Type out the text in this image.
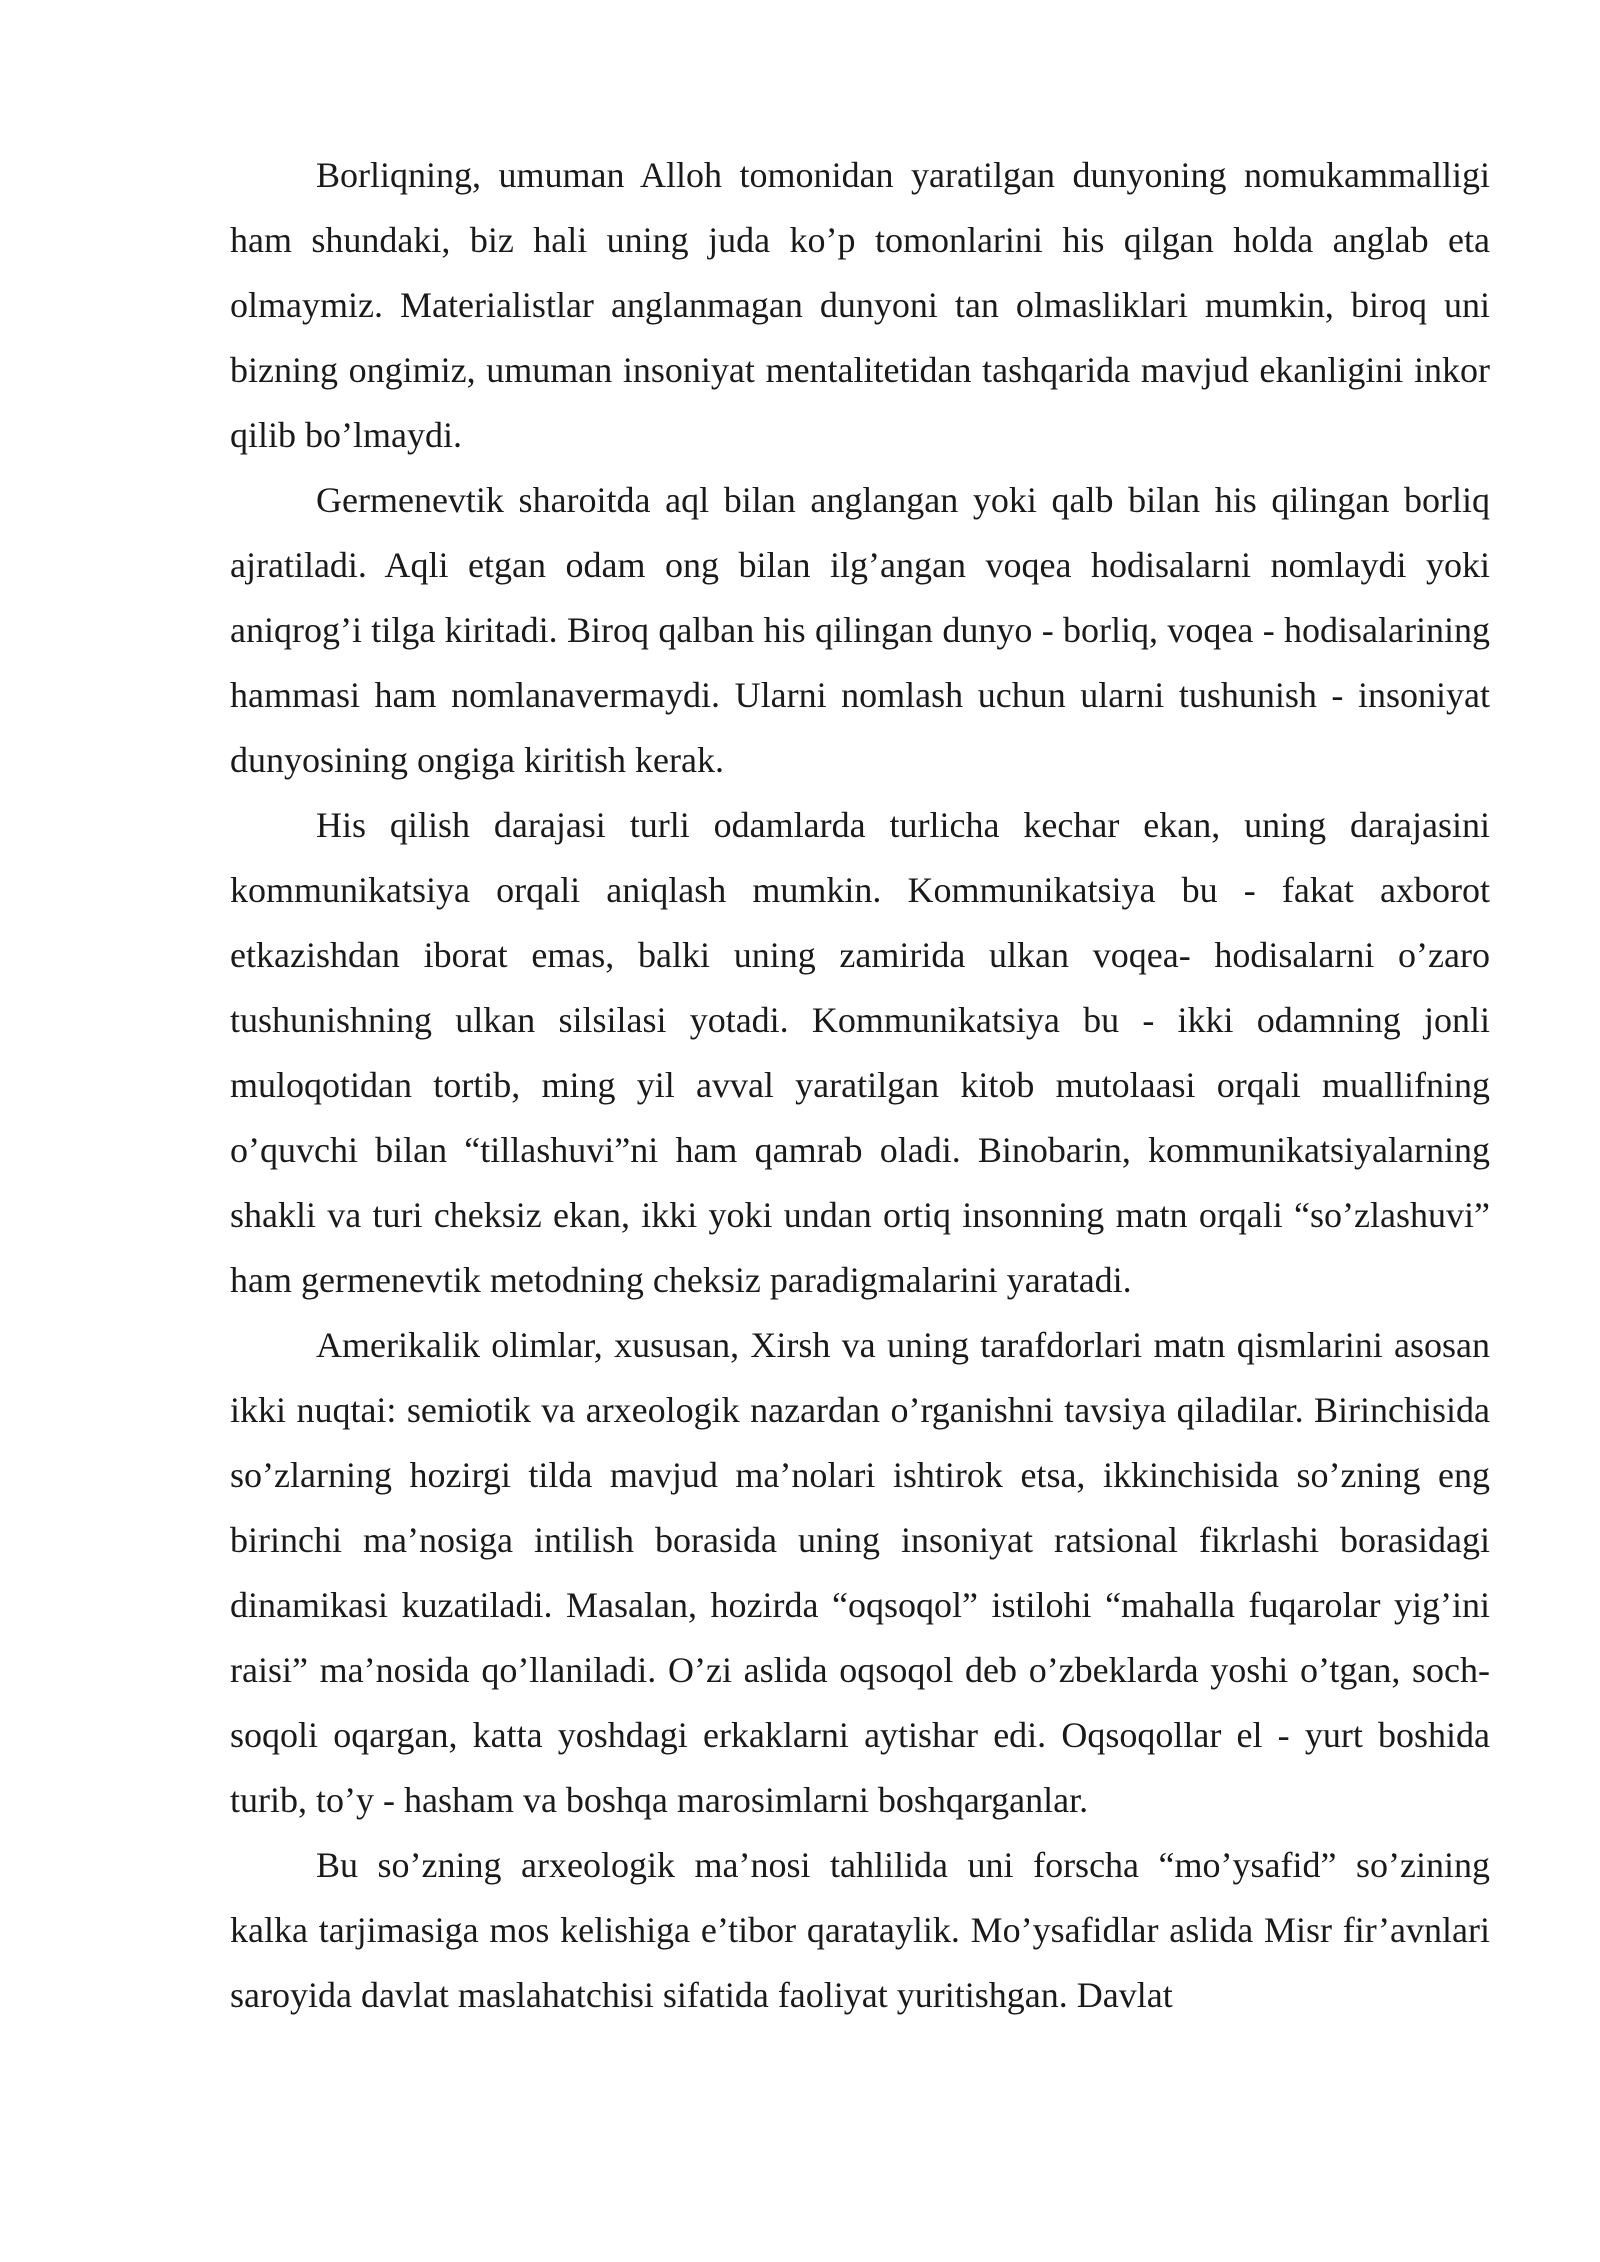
Borliqning, umuman Alloh tomonidan yaratilgan dunyoning nomukammalligi ham shundaki, biz hali uning juda ko’p tomonlarini his qilgan holda anglab eta olmaymiz. Materialistlar anglanmagan dunyoni tan olmasliklari mumkin, biroq uni bizning ongimiz, umuman insoniyat mentalitetidan tashqarida mavjud ekanligini inkor qilib bo’lmaydi.

Germenevtik sharoitda aql bilan anglangan yoki qalb bilan his qilingan borliq ajratiladi. Aqli etgan odam ong bilan ilg’angan voqea hodisalarni nomlaydi yoki aniqrog’i tilga kiritadi. Biroq qalban his qilingan dunyo - borliq, voqea - hodisalarining hammasi ham nomlanavermaydi. Ularni nomlash uchun ularni tushunish - insoniyat dunyosining ongiga kiritish kerak.

His qilish darajasi turli odamlarda turlicha kechar ekan, uning darajasini kommunikatsiya orqali aniqlash mumkin. Kommunikatsiya bu - fakat axborot etkazishdan iborat emas, balki uning zamirida ulkan voqea- hodisalarni o’zaro tushunishning ulkan silsilasi yotadi. Kommunikatsiya bu - ikki odamning jonli muloqotidan tortib, ming yil avval yaratilgan kitob mutolaasi orqali muallifning o’quvchi bilan “tillashuvi”ni ham qamrab oladi. Binobarin, kommunikatsiyalarning shakli va turi cheksiz ekan, ikki yoki undan ortiq insonning matn orqali “so’zlashuvi” ham germenevtik metodning cheksiz paradigmalarini yaratadi.

Amerikalik olimlar, xususan, Xirsh va uning tarafdorlari matn qismlarini asosan ikki nuqtai: semiotik va arxeologik nazardan o’rganishni tavsiya qiladilar. Birinchisida so’zlarning hozirgi tilda mavjud ma’nolari ishtirok etsa, ikkinchisida so’zning eng birinchi ma’nosiga intilish borasida uning insoniyat ratsional fikrlashi borasidagi dinamikasi kuzatiladi. Masalan, hozirda “oqsoqol” istilohi “mahalla fuqarolar yig’ini raisi” ma’nosida qo’llaniladi. O’zi aslida oqsoqol deb o’zbeklarda yoshi o’tgan, soch- soqoli oqargan, katta yoshdagi erkaklarni aytishar edi. Oqsoqollar el - yurt boshida turib, to’y - hasham va boshqa marosimlarni boshqarganlar.

Bu so’zning arxeologik ma’nosi tahlilida uni forscha “mo’ysafid” so’zining kalka tarjimasiga mos kelishiga e’tibor qarataylik. Mo’ysafidlar aslida Misr fir’avnlari saroyida davlat maslahatchisi sifatida faoliyat yuritishgan. Davlat
